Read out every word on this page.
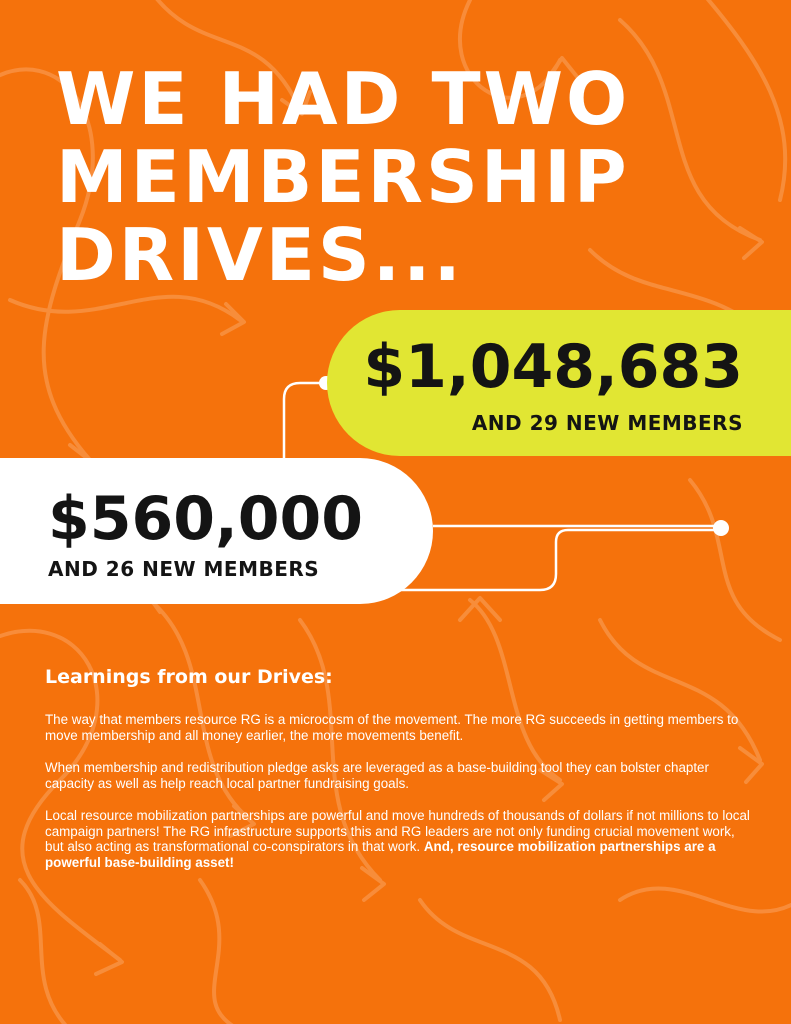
WE HAD TWO
MEMBERSHIP
DRIVES...
$1,048,683
AND 29 NEW MEMBERS
$560,000
AND 26 NEW MEMBERS
Learnings from our Drives:

The way that members resource RG is a microcosm of the movement. The more RG succeeds in getting members to move membership and all money earlier, the more movements benefit.

When membership and redistribution pledge asks are leveraged as a base-building tool they can bolster chapter capacity as well as help reach local partner fundraising goals.

Local resource mobilization partnerships are powerful and move hundreds of thousands of dollars if not millions to local campaign partners! The RG infrastructure supports this and RG leaders are not only funding crucial movement work, but also acting as transformational co-conspirators in that work. And, resource mobilization partnerships are a powerful base-building asset!
